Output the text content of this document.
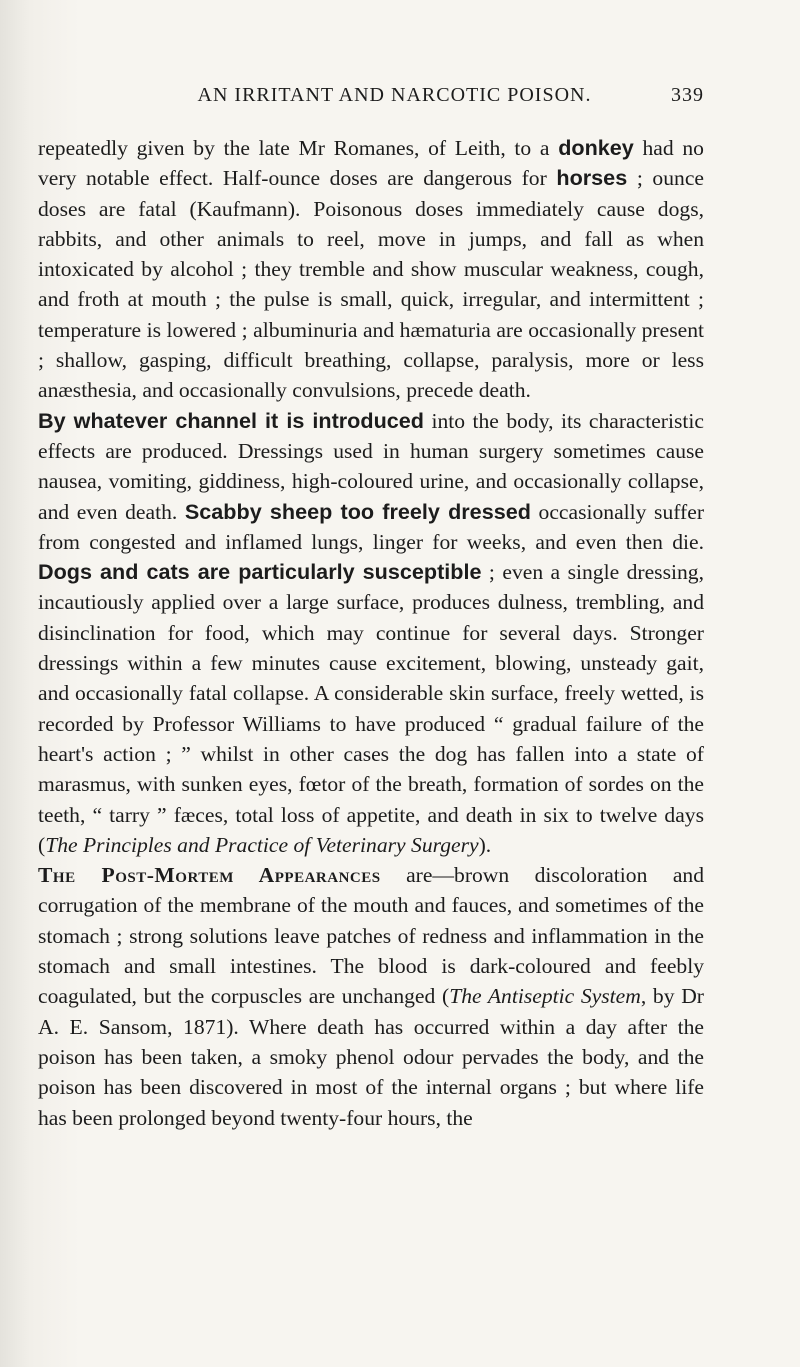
AN IRRITANT AND NARCOTIC POISON.	339

repeatedly given by the late Mr Romanes, of Leith, to a donkey had no very notable effect. Half-ounce doses are dangerous for horses ; ounce doses are fatal (Kaufmann). Poisonous doses immediately cause dogs, rabbits, and other animals to reel, move in jumps, and fall as when intoxicated by alcohol ; they tremble and show muscular weakness, cough, and froth at mouth ; the pulse is small, quick, irregular, and intermittent ; temperature is lowered ; albuminuria and hæmaturia are occasionally present ; shallow, gasping, difficult breathing, collapse, paralysis, more or less anæsthesia, and occasionally convulsions, precede death.

By whatever channel it is introduced into the body, its characteristic effects are produced. Dressings used in human surgery sometimes cause nausea, vomiting, giddiness, high-coloured urine, and occasionally collapse, and even death. Scabby sheep too freely dressed occasionally suffer from congested and inflamed lungs, linger for weeks, and even then die. Dogs and cats are particularly susceptible ; even a single dressing, incautiously applied over a large surface, produces dulness, trembling, and disinclination for food, which may continue for several days. Stronger dressings within a few minutes cause excitement, blowing, unsteady gait, and occasionally fatal collapse. A considerable skin surface, freely wetted, is recorded by Professor Williams to have produced “ gradual failure of the heart's action ; ” whilst in other cases the dog has fallen into a state of marasmus, with sunken eyes, fœtor of the breath, formation of sordes on the teeth, “ tarry ” fæces, total loss of appetite, and death in six to twelve days (The Principles and Practice of Veterinary Surgery).

The Post-Mortem Appearances are—brown discoloration and corrugation of the membrane of the mouth and fauces, and sometimes of the stomach ; strong solutions leave patches of redness and inflammation in the stomach and small intestines. The blood is dark-coloured and feebly coagulated, but the corpuscles are unchanged (The Antiseptic System, by Dr A. E. Sansom, 1871). Where death has occurred within a day after the poison has been taken, a smoky phenol odour pervades the body, and the poison has been discovered in most of the internal organs ; but where life has been prolonged beyond twenty-four hours, the
